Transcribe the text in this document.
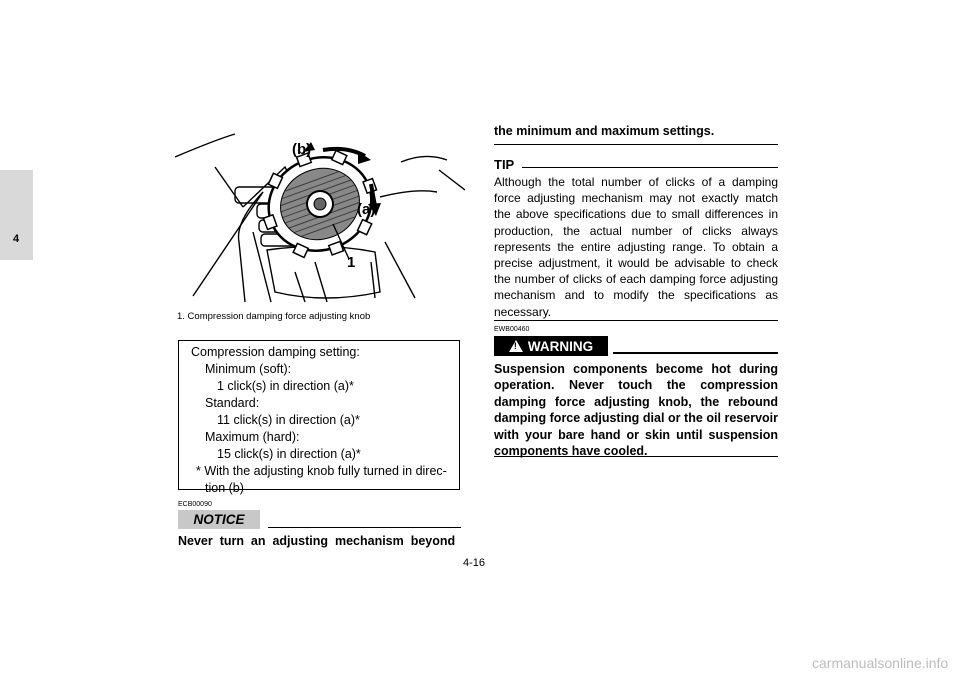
4
(b)
(a)
1
1. Compression damping force adjusting knob
Compression damping setting:
Minimum (soft):
1 click(s) in direction (a)*
Standard:
11 click(s) in direction (a)*
Maximum (hard):
15 click(s) in direction (a)*
* With the adjusting knob fully turned in direc-
tion (b)
ECB00090
NOTICE
Never  turn  an  adjusting  mechanism  beyond
the minimum and maximum settings.
TIP

Although the total number of clicks of a damping force adjusting mechanism may not exactly match the above specifications due to small differences in production, the actual number of clicks always represents the entire adjusting range. To obtain a precise adjustment, it would be advisable to check the number of clicks of each damping force adjusting mechanism and to modify the specifications as necessary.

EWB00460
!
WARNING

Suspension components become hot during operation. Never touch the compression damping force adjusting knob, the rebound damping force adjusting dial or the oil reservoir with your bare hand or skin until suspension components have cooled.

4-16
carmanualsonline.info
